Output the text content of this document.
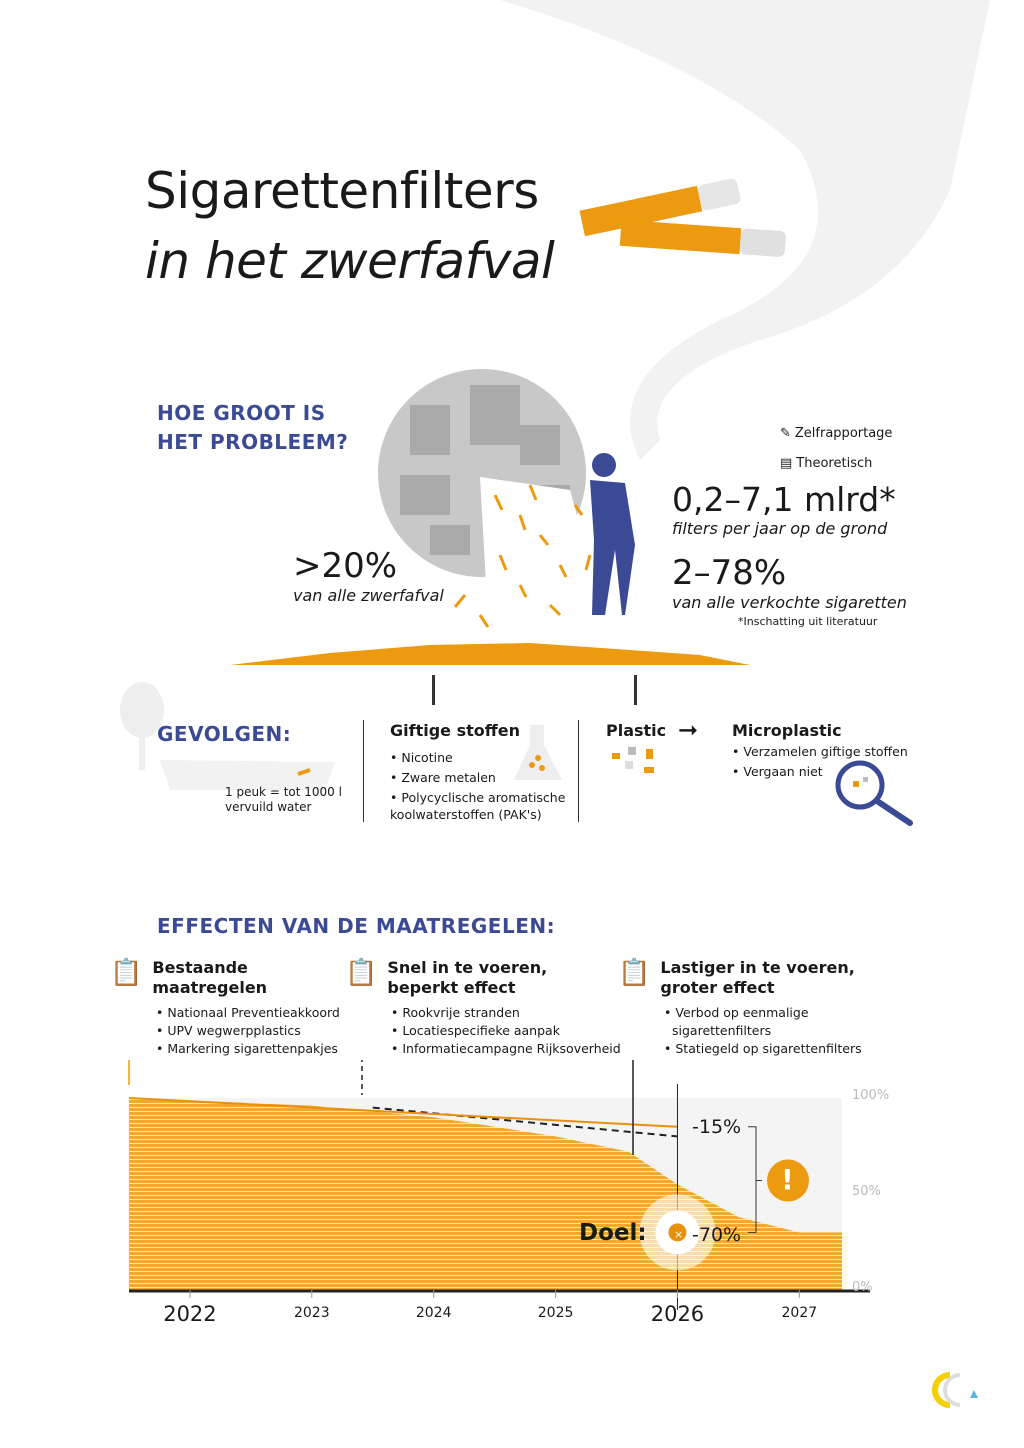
Sigarettenfilters
in het zwerfafval
HOE GROOT IS
HET PROBLEEM?
>20%
van alle zwerfafval
✎ Zelfrapportage
▤ Theoretisch
0,2–7,1 mlrd*
filters per jaar op de grond
2–78%
van alle verkochte sigaretten
*Inschatting uit literatuur
GEVOLGEN:
1 peuk = tot 1000 l
vervuild water
Giftige stoffen
• Nicotine
• Zware metalen
• Polycyclische aromatische
koolwaterstoffen (PAK's)
Plastic ➞ Microplastic
• Verzamelen giftige stoffen
• Vergaan niet
EFFECTEN VAN DE MAATREGELEN:
📋 Bestaande
maatregelen
• Nationaal Preventieakkoord
• UPV wegwerpplastics
• Markering sigarettenpakjes
📋 Snel in te voeren,
beperkt effect
• Rookvrije stranden
• Locatiespecifieke aanpak
• Informatiecampagne Rijksoverheid
📋 Lastiger in te voeren,
groter effect
• Verbod op eenmalige
sigarettenfilters
• Statiegeld op sigarettenfilters
2022	2023	2024	2025	2026	2027
100%
50%
0%
-15%
Doel: -70%
!
×
